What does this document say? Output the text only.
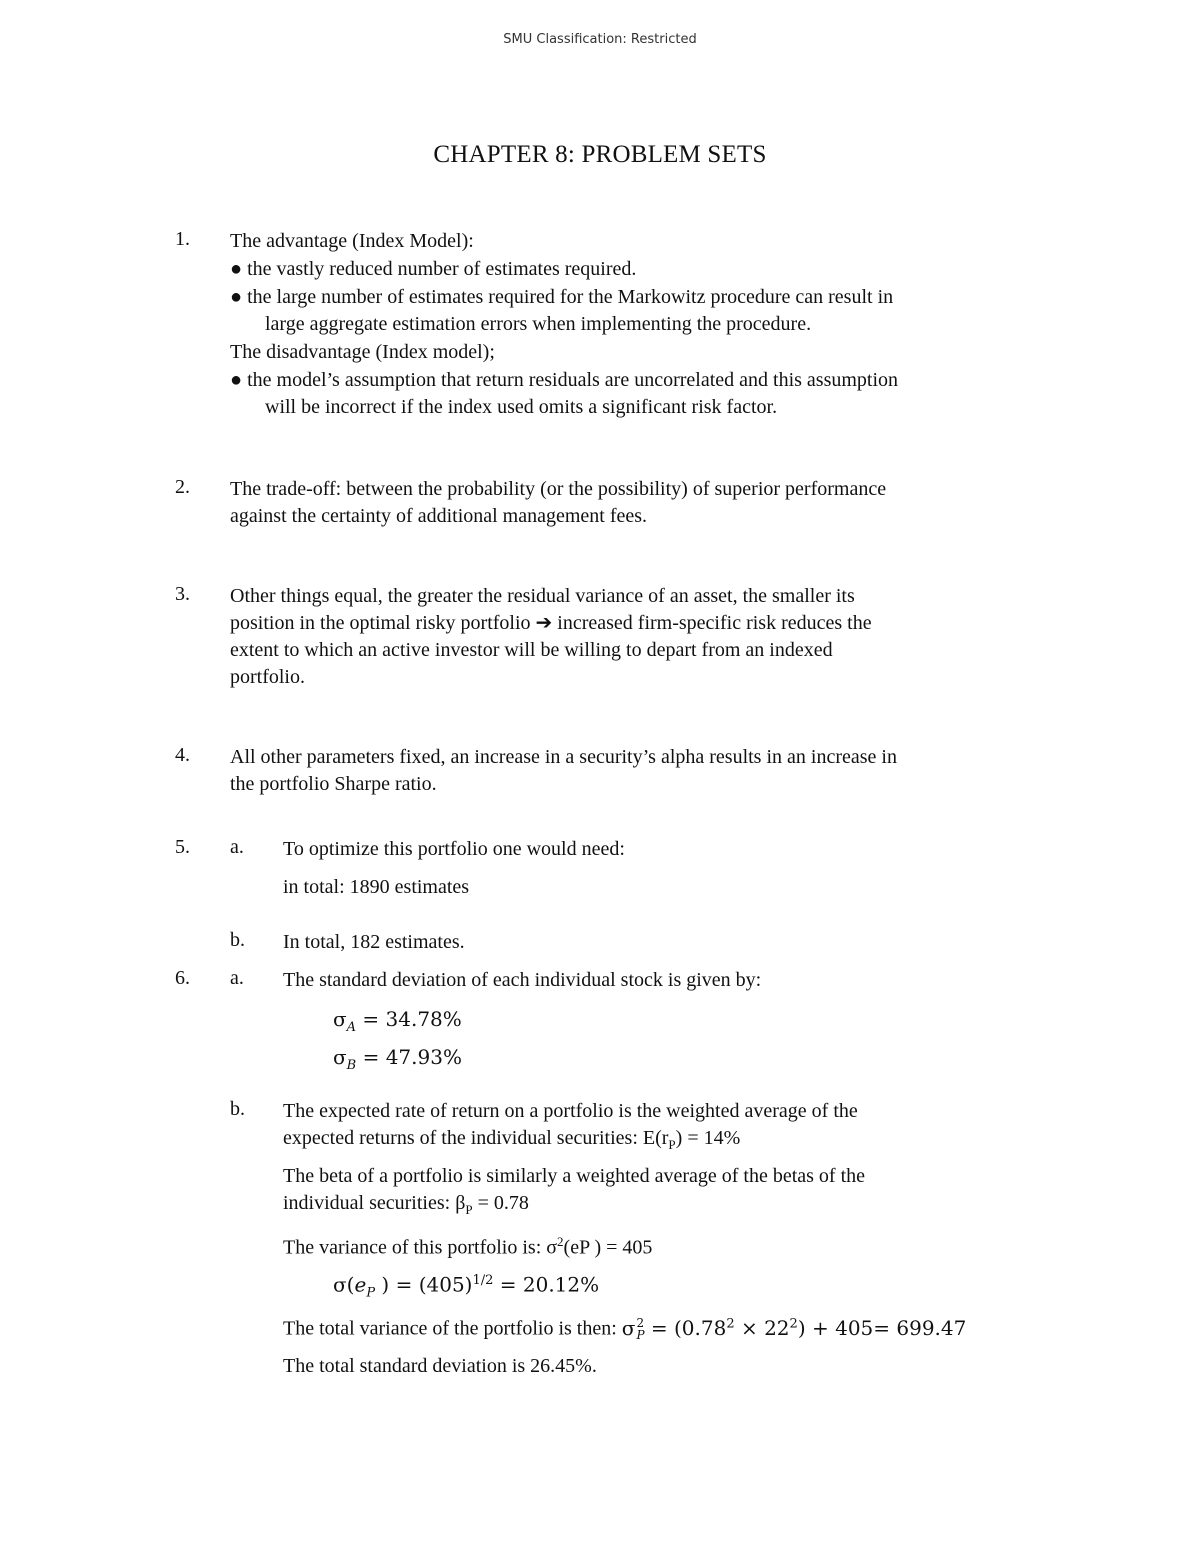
SMU Classification: Restricted
CHAPTER 8: PROBLEM SETS
1. The advantage (Index Model):
● the vastly reduced number of estimates required.
● the large number of estimates required for the Markowitz procedure can result in
large aggregate estimation errors when implementing the procedure.
The disadvantage (Index model);
● the model’s assumption that return residuals are uncorrelated and this assumption
will be incorrect if the index used omits a significant risk factor.
2. The trade-off: between the probability (or the possibility) of superior performance
against the certainty of additional management fees.
3. Other things equal, the greater the residual variance of an asset, the smaller its
position in the optimal risky portfolio ➔ increased firm-specific risk reduces the
extent to which an active investor will be willing to depart from an indexed
portfolio.
4. All other parameters fixed, an increase in a security’s alpha results in an increase in
the portfolio Sharpe ratio.
5. a. To optimize this portfolio one would need:
in total: 1890 estimates
b. In total, 182 estimates.
6. a. The standard deviation of each individual stock is given by:
$\sigma_A = 34.78\%$
$\sigma_B = 47.93\%$
b. The expected rate of return on a portfolio is the weighted average of the
expected returns of the individual securities: $E(r_P) = 14\%$
The beta of a portfolio is similarly a weighted average of the betas of the
individual securities: $\beta_P = 0.78$
The variance of this portfolio is: $\sigma^2(eP$ ) = 405
$\sigma(e_P$ ) = $(405)^{1/2} = 20.12\%$
The total variance of the portfolio is then: σ 2
$P = (0.78^2 \times 22^2) + 405= 699.47$
The total standard deviation is 26.45%.
